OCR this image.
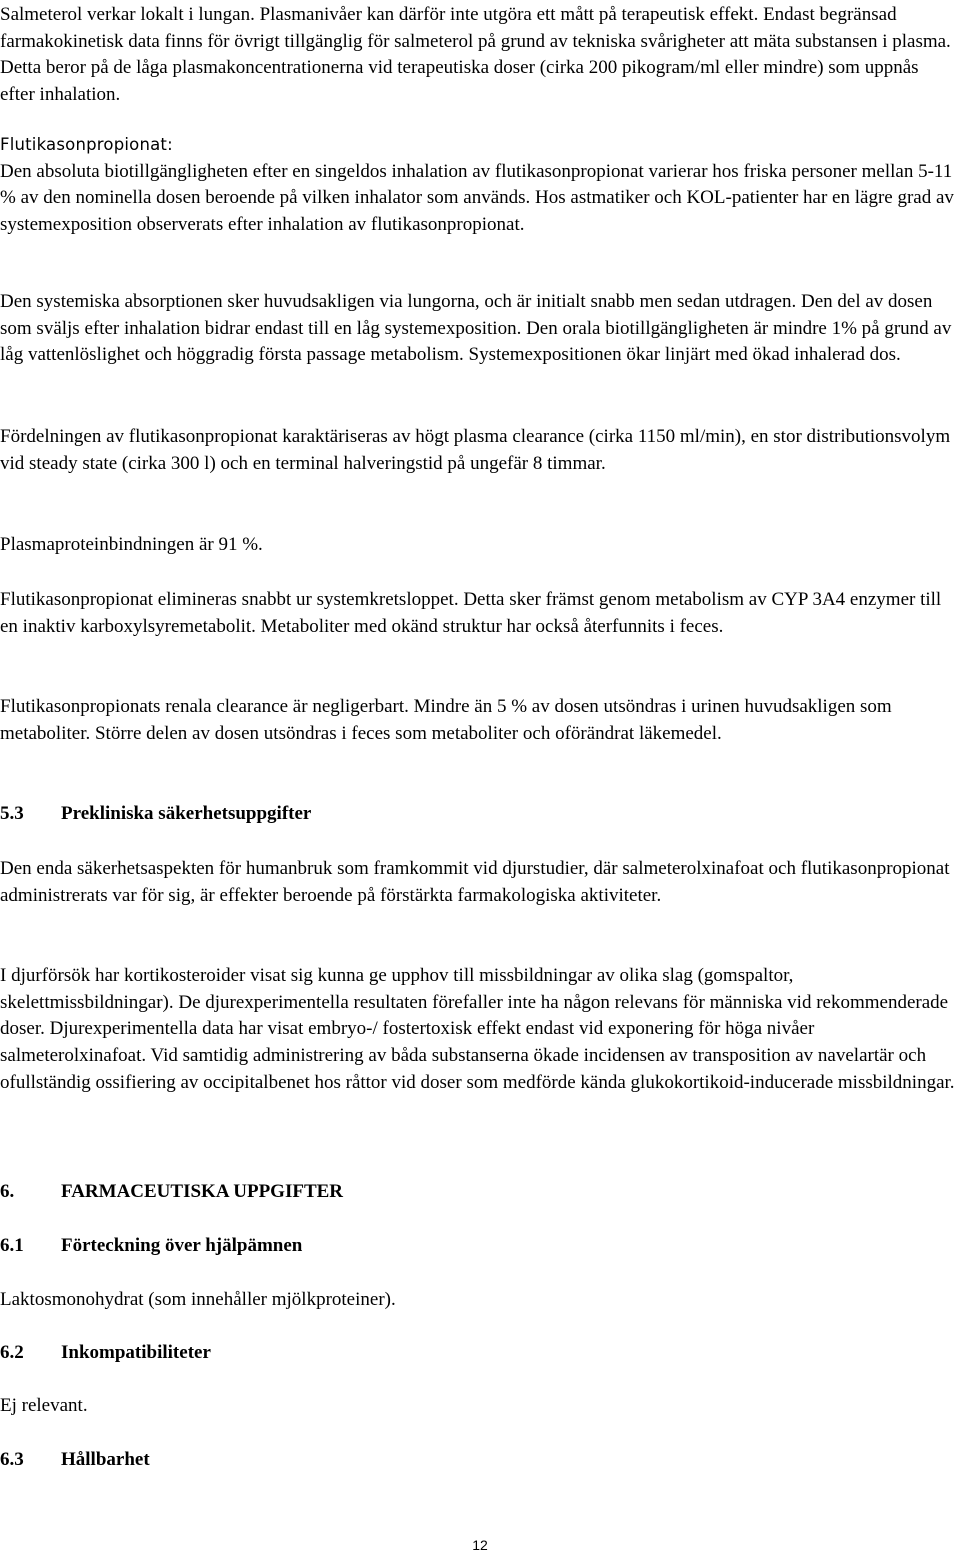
Salmeterol verkar lokalt i lungan. Plasmanivåer kan därför inte utgöra ett mått på terapeutisk effekt. Endast begränsad farmakokinetisk data finns för övrigt tillgänglig för salmeterol på grund av tekniska svårigheter att mäta substansen i plasma. Detta beror på de låga plasmakoncentrationerna vid terapeutiska doser (cirka 200 pikogram/ml eller mindre) som uppnås efter inhalation.

Flutikasonpropionat:
Den absoluta biotillgängligheten efter en singeldos inhalation av flutikasonpropionat varierar hos friska personer mellan 5-11 % av den nominella dosen beroende på vilken inhalator som används. Hos astmatiker och KOL-patienter har en lägre grad av systemexposition observerats efter inhalation av flutikasonpropionat.

Den systemiska absorptionen sker huvudsakligen via lungorna, och är initialt snabb men sedan utdragen. Den del av dosen som sväljs efter inhalation bidrar endast till en låg systemexposition. Den orala biotillgängligheten är mindre 1% på grund av låg vattenlöslighet och höggradig första passage metabolism. Systemexpositionen ökar linjärt med ökad inhalerad dos.

Fördelningen av flutikasonpropionat karaktäriseras av högt plasma clearance (cirka 1150 ml/min), en stor distributionsvolym vid steady state (cirka 300 l) och en terminal halveringstid på ungefär 8 timmar.

Plasmaproteinbindningen är 91 %.

Flutikasonpropionat elimineras snabbt ur systemkretsloppet. Detta sker främst genom metabolism av CYP 3A4 enzymer till en inaktiv karboxylsyremetabolit. Metaboliter med okänd struktur har också återfunnits i feces.

Flutikasonpropionats renala clearance är negligerbart. Mindre än 5 % av dosen utsöndras i urinen huvudsakligen som metaboliter. Större delen av dosen utsöndras i feces som metaboliter och oförändrat läkemedel.

5.3 Prekliniska säkerhetsuppgifter

Den enda säkerhetsaspekten för humanbruk som framkommit vid djurstudier, där salmeterolxinafoat och flutikasonpropionat administrerats var för sig, är effekter beroende på förstärkta farmakologiska aktiviteter.

I djurförsök har kortikosteroider visat sig kunna ge upphov till missbildningar av olika slag (gomspaltor, skelettmissbildningar). De djurexperimentella resultaten förefaller inte ha någon relevans för människa vid rekommenderade doser. Djurexperimentella data har visat embryo-/ fostertoxisk effekt endast vid exponering för höga nivåer salmeterolxinafoat. Vid samtidig administrering av båda substanserna ökade incidensen av transposition av navelartär och ofullständig ossifiering av occipitalbenet hos råttor vid doser som medförde kända glukokortikoid-inducerade missbildningar.

6. FARMACEUTISKA UPPGIFTER
6.1 Förteckning över hjälpämnen

Laktosmonohydrat (som innehåller mjölkproteiner).

6.2 Inkompatibiliteter

Ej relevant.

6.3 Hållbarhet
12
